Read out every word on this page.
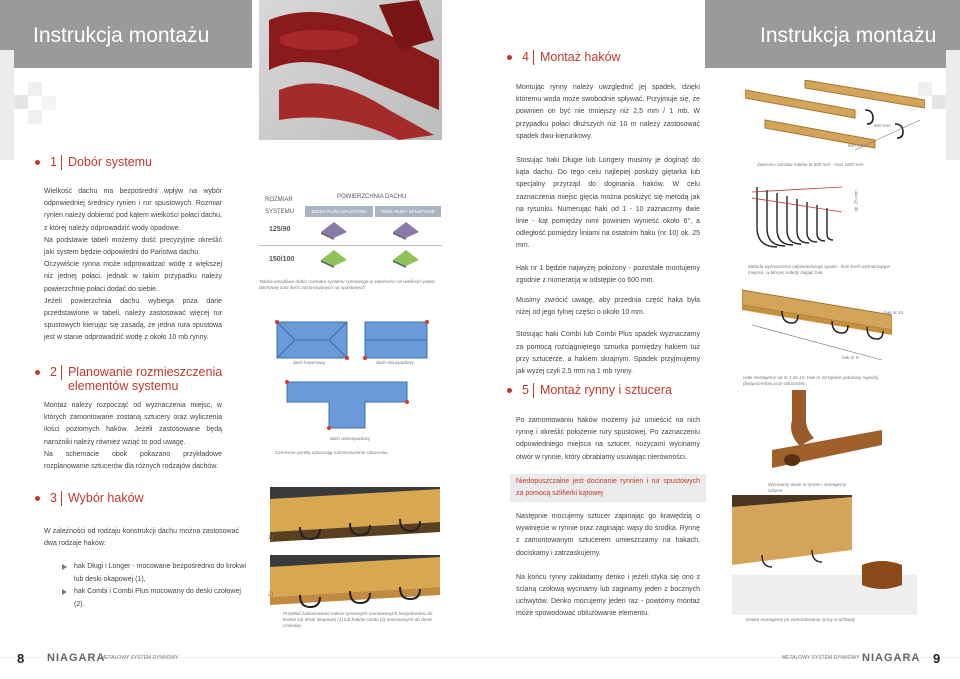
Instrukcja montażu
1 Dobór systemu

Wielkość dachu ma bezpośredni wpływ na wybór odpowiedniej średnicy rynien i rur spustowych. Rozmiar rynien należy dobierać pod kątem wielkości połaci dachu, z której należy odprowadzić wody opadowe.

Na podstawie tabeli możemy dość precyzyjnie określić jaki system będzie odpowiedni do Państwa dachu.

Oczywiście rynna może odprowadzać wodę z większej niż jednej połaci, jednak w takim przypadku należy powierzchnię połaci dodać do siebie.

Jeżeli powierzchnia dachu wybiega poza dane przedstawione w tabeli, należy zastosować więcej rur spustowych kierując się zasadą, że jedna rura spustowa jest w stanie odprowadzić wodę z około 10 mb rynny.

2 Planowanie rozmieszczenia
elementów systemu

Montaż należy rozpocząć od wyznaczenia miejsc, w których zamontowane zostaną sztucery oraz wyliczenia ilości poziomych haków. Jeżeli zastosowane będą narożniki należy również wziąć to pod uwagę.

Na schemacie obok pokazano przykładowe rozplanowanie sztucerów dla różnych rodzajów dachów.

3 Wybór haków

W zależności od rodzaju konstrukcji dachu można zastosować dwa rodzaje haków:

hak Długi i Longer - mocowane bezpośrednio do krokwi lub deski okapowej (1),
hak Combi i Combi Plus mocowany do deski czołowej (2).
ROZMIAR SYSTEMU
POWIERZCHNIA DACHU
JEDNA RURA SPUSTOWA	DWIE RURY SPUSTOWE
125/90
150/100
Tabela umożliwia dobór rozmiaru systemu rynnowego w zależności od wielkości połaci dachowej oraz ilości zastosowanych rur spustowych.
dach kopertowy	dach dwuspadowy
dach wielospadowy
Czerwone punkty oznaczają rozmieszczenie sztucerów.
1)
2)
Przykład zastosowania haków rynnowych montowanych bezpośrednio do krokwi lub deski okapowej (1) lub haków combi (2) mocowanych do deski czołowej.
8 NIAGARA
METALOWY SYSTEM RYNNOWY
Instrukcja montażu
4 Montaż haków

Montując rynny należy uwzględnić jej spadek, dzięki któremu woda może swobodnie spływać. Przyjmuje się, że powinien on być nie mniejszy niż 2,5 mm / 1 mb. W przypadku połaci dłuższych niż 10 m należy zastosować spadek dwu-kierunkowy.

Stosując haki Długie lub Longery musimy je doginąć do kąta dachu. Do tego celu najlepiej posłuży giętarka lub specjalny przyrząd do doginania haków. W celu zaznaczenia miejsc gięcia można posłużyć się metodą jak na rysunku. Numerując haki od 1 - 10 zaznaczmy dwie linie - kąt pomiędzy nimi powinien wynieść około 6°, a odległość pomiędzy liniami na ostatnim haku (nr 10) ok. 25 mm.

Hak nr 1 będzie najwyżej położony - pozostałe montujemy zgodnie z numeracją w odstępie co 600 mm.

Musimy zwrócić uwagę, aby przednia część haka była niżej od jego tylnej części o około 10 mm.

Stosując haki Combi lub Combi Plus spadek wyznaczamy za pomocą rozciągniętego sznurka pomiędzy hakiem tuż przy sztucerze, a hakiem skrajnym. Spadek przyjmujemy jak wyżej czyli 2,5 mm na 1 mb rynny.

5 Montaż rynny i sztucera

Po zamontowaniu haków możemy już umieścić na nich rynnę i określić położenie rury spustowej. Po zaznaczeniu odpowiedniego miejsca na sztucer, nożycami wycinamy otwór w rynnie, który obrabiamy usuwając nierówności.

Niedopuszczalne jest docinanie rynnien i rur spustowych za pomocą szlifierki kątowej

Następnie mocujemy sztucer zapinając go krawędzią o wywinięcie w rynnie oraz zaginając wąsy do środka. Rynnę z zamontowanym sztucerem umieszczamy na hakach, dociskamy i zatrzaskujemy.

Na końcu rynny zakładamy denko i jeżeli styka się ono z ścianą czołową wycinamy lub zaginamy jeden z bocznych uchwytów. Denko mocujemy jeden raz - powtórny montaż może spowodować obluzowanie elementu.

600 mm
600 mm
Zalecany rozstaw haków to 600 mm - max 1000 mm
ok. 25 mm
Metoda wyznaczenia odpowiedniego spadu - linie kreśl wyznaczające miejsce, w którym należy zagiąć hak.
hak nr 10
hak nr 9
Haki montujemy od nr 1 do 10. Hak nr 10 będzie położony najniżej (bezpośrednio przy sztucerze).
Wycinamy otwór w rynnie i montujemy sztucer
Denko montujemy po zamontowaniu rynny w uchwyty
METALOWY SYSTEM RYNNOWY NIAGARA 9
